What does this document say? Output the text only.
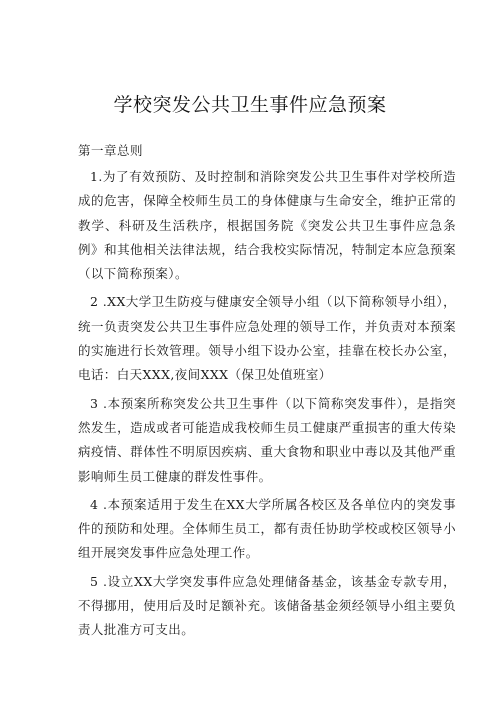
学校突发公共卫生事件应急预案
第一章总则

1.为了有效预防、及时控制和消除突发公共卫生事件对学校所造成的危害，保障全校师生员工的身体健康与生命安全，维护正常的教学、科研及生活秩序，根据国务院《突发公共卫生事件应急条例》和其他相关法律法规，结合我校实际情况，特制定本应急预案（以下简称预案）。

2 .XX大学卫生防疫与健康安全领导小组（以下简称领导小组），统一负责突发公共卫生事件应急处理的领导工作，并负责对本预案的实施进行长效管理。领导小组下设办公室，挂靠在校长办公室，电话：白天XXX,夜间XXX（保卫处值班室）

3 .本预案所称突发公共卫生事件（以下简称突发事件），是指突然发生，造成或者可能造成我校师生员工健康严重损害的重大传染病疫情、群体性不明原因疾病、重大食物和职业中毒以及其他严重影响师生员工健康的群发性事件。

4 .本预案适用于发生在XX大学所属各校区及各单位内的突发事件的预防和处理。全体师生员工，都有责任协助学校或校区领导小组开展突发事件应急处理工作。

5 .设立XX大学突发事件应急处理储备基金，该基金专款专用，不得挪用，使用后及时足额补充。该储备基金须经领导小组主要负责人批准方可支出。
